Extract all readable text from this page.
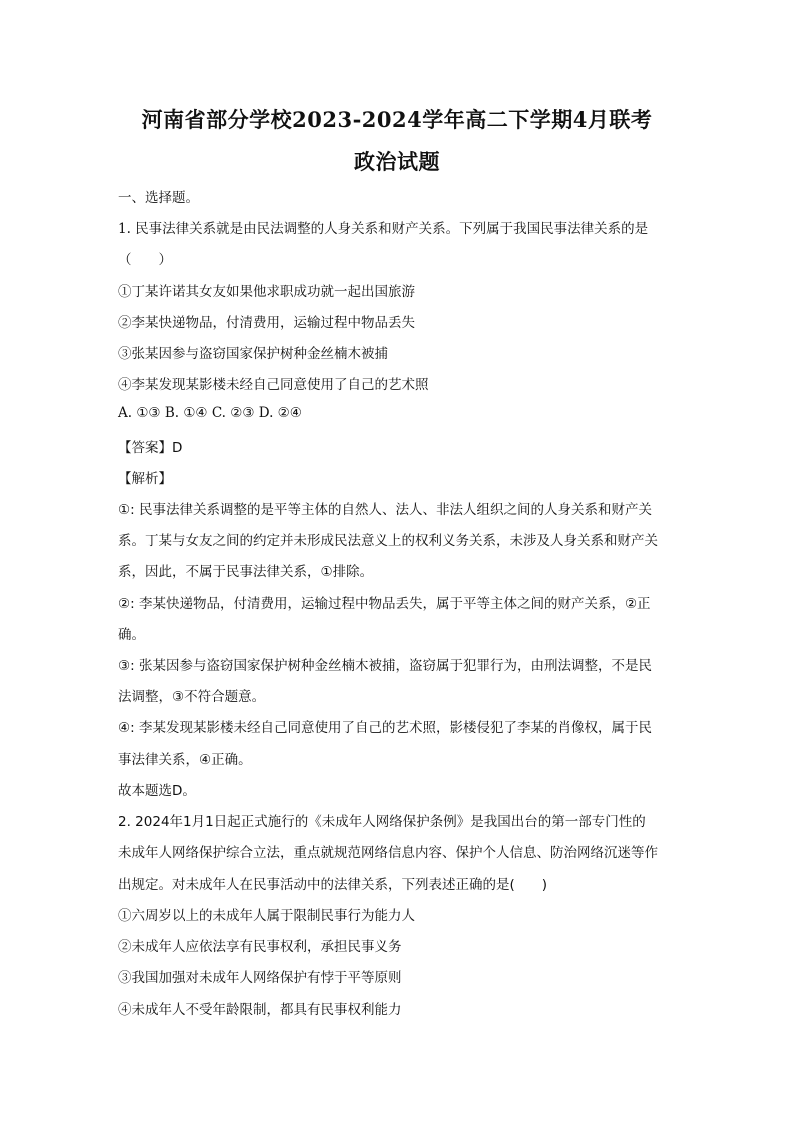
河南省部分学校2023-2024学年高二下学期4月联考
政治试题
一、选择题。
1. 民事法律关系就是由民法调整的人身关系和财产关系。下列属于我国民事法律关系的是
（　　）
①丁某许诺其女友如果他求职成功就一起出国旅游
②李某快递物品，付清费用，运输过程中物品丢失
③张某因参与盗窃国家保护树种金丝楠木被捕
④李某发现某影楼未经自己同意使用了自己的艺术照
A. ①③ B. ①④ C. ②③ D. ②④
【答案】D
【解析】
①: 民事法律关系调整的是平等主体的自然人、法人、非法人组织之间的人身关系和财产关
系。丁某与女友之间的约定并未形成民法意义上的权利义务关系，未涉及人身关系和财产关
系，因此，不属于民事法律关系，①排除。
②: 李某快递物品，付清费用，运输过程中物品丢失，属于平等主体之间的财产关系，②正
确。
③: 张某因参与盗窃国家保护树种金丝楠木被捕，盗窃属于犯罪行为，由刑法调整，不是民
法调整，③不符合题意。
④: 李某发现某影楼未经自己同意使用了自己的艺术照，影楼侵犯了李某的肖像权，属于民
事法律关系，④正确。
故本题选D。
2. 2024年1月1日起正式施行的《未成年人网络保护条例》是我国出台的第一部专门性的
未成年人网络保护综合立法，重点就规范网络信息内容、保护个人信息、防治网络沉迷等作
出规定。对未成年人在民事活动中的法律关系，下列表述正确的是(　　)
①六周岁以上的未成年人属于限制民事行为能力人
②未成年人应依法享有民事权利，承担民事义务
③我国加强对未成年人网络保护有悖于平等原则
④未成年人不受年龄限制，都具有民事权利能力
